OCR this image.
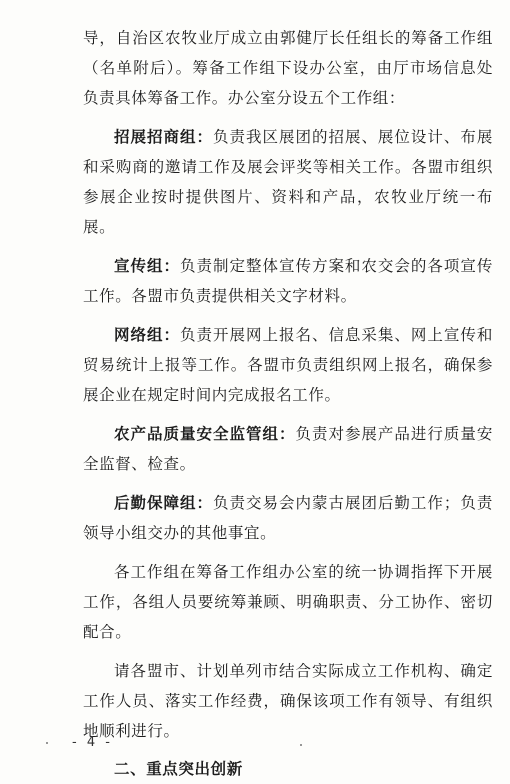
导，自治区农牧业厅成立由郭健厅长任组长的筹备工作组（名单附后）。筹备工作组下设办公室，由厅市场信息处负责具体筹备工作。办公室分设五个工作组：

招展招商组：负责我区展团的招展、展位设计、布展和采购商的邀请工作及展会评奖等相关工作。各盟市组织参展企业按时提供图片、资料和产品，农牧业厅统一布展。

宣传组：负责制定整体宣传方案和农交会的各项宣传工作。各盟市负责提供相关文字材料。

网络组：负责开展网上报名、信息采集、网上宣传和贸易统计上报等工作。各盟市负责组织网上报名，确保参展企业在规定时间内完成报名工作。

农产品质量安全监管组：负责对参展产品进行质量安全监督、检查。

后勤保障组：负责交易会内蒙古展团后勤工作；负责领导小组交办的其他事宜。

各工作组在筹备工作组办公室的统一协调指挥下开展工作，各组人员要统筹兼顾、明确职责、分工协作、密切配合。

请各盟市、计划单列市结合实际成立工作机构、确定工作人员、落实工作经费，确保该项工作有领导、有组织地顺利进行。

二、重点突出创新

- 4 -
